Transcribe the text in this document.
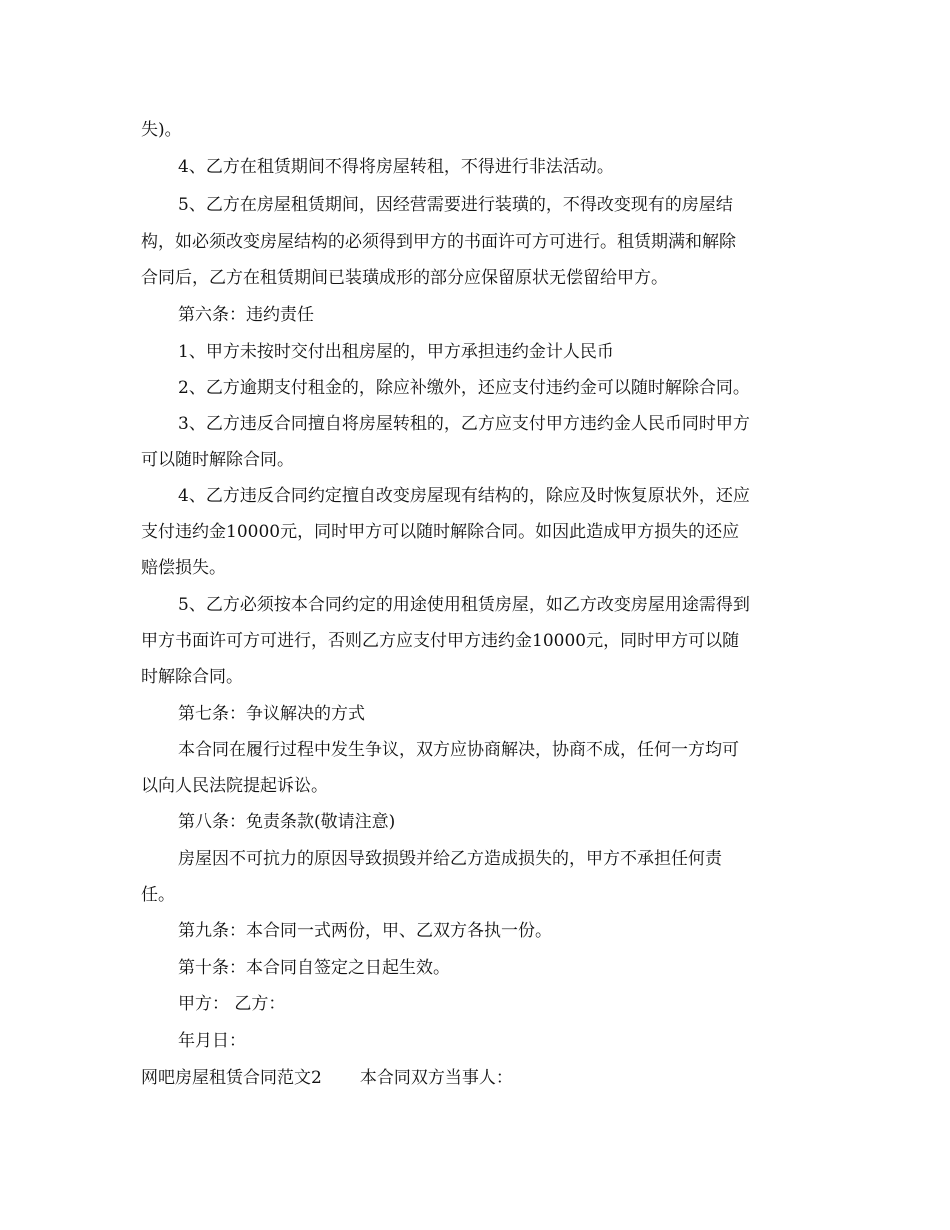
失)。
4、乙方在租赁期间不得将房屋转租，不得进行非法活动。
5、乙方在房屋租赁期间，因经营需要进行装璜的，不得改变现有的房屋结
构，如必须改变房屋结构的必须得到甲方的书面许可方可进行。租赁期满和解除
合同后，乙方在租赁期间已装璜成形的部分应保留原状无偿留给甲方。
第六条：违约责任
1、甲方未按时交付出租房屋的，甲方承担违约金计人民币
2、乙方逾期支付租金的，除应补缴外，还应支付违约金可以随时解除合同。
3、乙方违反合同擅自将房屋转租的，乙方应支付甲方违约金人民币同时甲方
可以随时解除合同。
4、乙方违反合同约定擅自改变房屋现有结构的，除应及时恢复原状外，还应
支付违约金10000元，同时甲方可以随时解除合同。如因此造成甲方损失的还应
赔偿损失。
5、乙方必须按本合同约定的用途使用租赁房屋，如乙方改变房屋用途需得到
甲方书面许可方可进行，否则乙方应支付甲方违约金10000元，同时甲方可以随
时解除合同。
第七条：争议解决的方式
本合同在履行过程中发生争议，双方应协商解决，协商不成，任何一方均可
以向人民法院提起诉讼。
第八条：免责条款(敬请注意)
房屋因不可抗力的原因导致损毁并给乙方造成损失的，甲方不承担任何责
任。
第九条：本合同一式两份，甲、乙双方各执一份。
第十条：本合同自签定之日起生效。
甲方： 乙方：
年月日：
网吧房屋租赁合同范文2 本合同双方当事人：
